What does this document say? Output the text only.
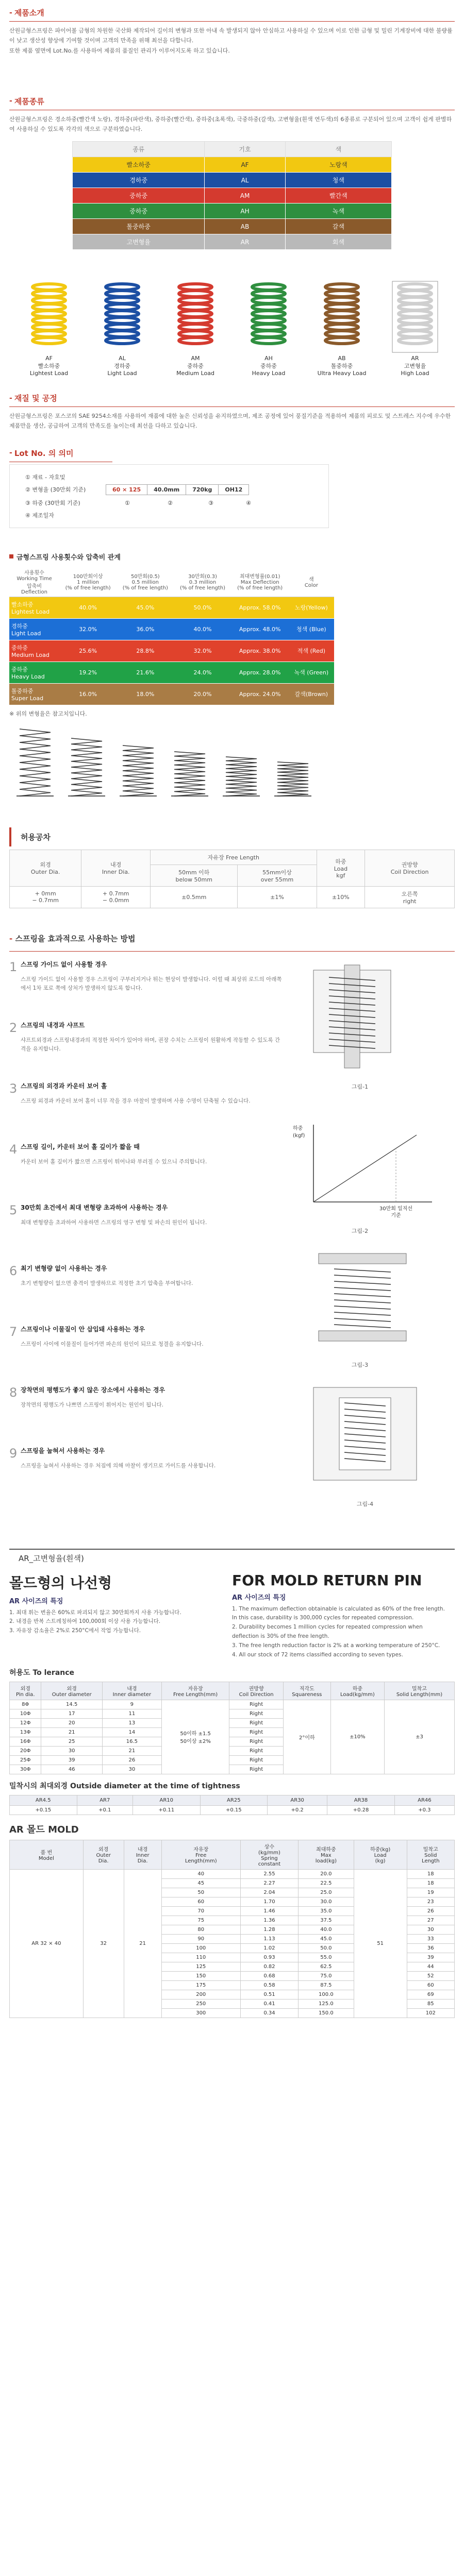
- 제품소개
산원금형스프링은 파이어볼 금형의 차원한 국산화 제작되어 길이의 변형과 또한 아내 속 발생되지 않아 안심하고 사용하실 수 있으며 이로 인한 금형 및 밀린 기계장비에 대한 불량률이 낮고 생산성 향상에 기여할 것이며 고객의 만족을 위해 최선을 다합니다.
또한 제품 옆면에 Lot.No.를 사용하여 제품의 품질인 관리가 이루어지도록 하고 있습니다.
- 제품종류
산원금형스프링은 경소하중(빨간색 노랑), 경하중(파란색), 중하중(빨간색), 중하중(초록색), 극중하중(갈색), 고변형율(흰색 연두색)의 6종류로 구분되어 있으며 고객이 쉽게 판별하여 사용하실 수 있도록 각각의 색으로 구분하였습니다.
종류	기호	색
빨소하중	AF	노랑색
경하중	AL	청색
중하중	AM	빨간색
중하중	AH	녹색
톨중하중	AB	갈색
고변형율	AR	회색
AF
빨소하중
Lightest Load
AL
경하중
Light Load
AM
중하중
Medium Load
AH
중하중
Heavy Load
AB
톨중하중
Ultra Heavy Load
AR
고변형율
High Load
- 재질 및 공정
산원금형스프링은 포스코의 SAE 9254소재를 사용하여 재품에 대한 높은 신뢰성을 유지하였으며, 제조 공정에 있어 풍질기준을 적용하여 제품의 피로도 및 스트레스 지수에 우수한 제품만을 생산, 공급하여 고객의 만족도를 높이는데 최선을 다하고 있습니다.
- Lot No. 의 의미
① 재료 - 자호및
② 변형율 (30만회 기준)	60 × 125	40.0mm	720kg	OH12
③ 하중 (30만회 기준)	①	②	③	④
④ 제조일자
금형스프링 사용횟수와 압축비 관계
사용횟수
Working Time
압축비
Deflection	100만회이상
1 million
(% of free length)	50만회(0.5)
0.5 million
(% of free length)	30만회(0.3)
0.3 million
(% of free length)	최대변형률(0.01)
Max Deflection
(% of free length)	색
Color
빨소하중
Lightest Load	40.0%	45.0%	50.0%	Approx. 58.0%	노랑(Yellow)
경하중
Light Load	32.0%	36.0%	40.0%	Approx. 48.0%	청색 (Blue)
중하중
Medium Load	25.6%	28.8%	32.0%	Approx. 38.0%	적색 (Red)
중하중
Heavy Load	19.2%	21.6%	24.0%	Approx. 28.0%	녹색 (Green)
톨중하중
Super Load	16.0%	18.0%	20.0%	Approx. 24.0%	갈색(Brown)
※ 위의 변형율은 참고치입니다.
허용공차
외경
Outer Dia.	내경
Inner Dia.	자유장 Free Length		하중
Load
kgf	권방향
Coil Direction
		50mm 이하
below 50mm	55mm이상
over 55mm		
+ 0mm
− 0.7mm	+ 0.7mm
− 0.0mm	±0.5mm	±1%	±10%	오른쪽
right
- 스프링을 효과적으로 사용하는 방법
1 스프링 가이드 없이 사용할 경우
스프링 가이드 없이 사용할 경우 스프링이 구부러지거나 튀는 현상이 발생합니다. 이럴 때 최상위 로드의 아래쪽에서 1차 포로 쪽에 상처가 발생하지 않도록 합니다.
2 스프링의 내경과 샤프트
샤프트외경과 스프링내경과의 적정한 차이가 있어야 하며, 권장 수치는 스프링이 원활하게 작동할 수 있도록 간격을 유지합니다.
3 스프링의 외경과 카운터 보어 홀
스프링 외경과 카운터 보어 홀이 너무 작을 경우 마찰이 발생하며 사용 수명이 단축될 수 있습니다.
4 스프링 길이, 카운터 보어 홀 깊이가 짧을 때
카운터 보어 홀 깊이가 짧으면 스프링이 튀어나와 부러질 수 있으니 주의합니다.
5 30만회 초건에서 최대 변형량 초과하여 사용하는 경우
최대 변형량을 초과하여 사용하면 스프링의 영구 변형 및 파손의 원인이 됩니다.
6 최기 변형량 없이 사용하는 경우
초기 변형량이 없으면 충격이 발생하므로 적정한 초기 압축을 부여합니다.
7 스프링이나 이물질이 안 삽입돼 사용하는 경우
스프링이 사이에 이물질이 들어가면 파손의 원인이 되므로 청결을 유지합니다.
8 장착면의 평행도가 좋지 않은 장소에서 사용하는 경우
장착면의 평행도가 나쁘면 스프링이 휘어지는 원인이 됩니다.
9 스프링을 눕혀서 사용하는 경우
스프링을 눕혀서 사용하는 경우 처짐에 의해 마찰이 생기므로 가이드를 사용합니다.
그림-1
하중
(kgf)
30만회 일직선
기준
그림-2
그림-3
그림-4
AR_고변형율(흰색)
몰드형의 나선형
AR 사이즈의 특징
1. 최대 휘는 변율은 60%로 파괴되지 않고 30만회까지 사용 가능합니다.
2. 내경을 반복 스트레칭하여 100,000회 이상 사용 가능합니다.
3. 자유장 감소율은 2%로 250°C에서 작업 가능합니다.
FOR MOLD RETURN PIN
AR 사이즈의 특징
1. The maximum deflection obtainable is calculated as 60% of the free length. In this case, durability is 300,000 cycles for repeated compression.
2. Durability becomes 1 million cycles for repeated compression when deflection is 30% of the free length.
3. The free length reduction factor is 2% at a working temperature of 250°C.
4. All our stock of 72 items classified according to seven types.
허용도 To lerance
외경
Pin dia.	외경
Outer diameter	내경
Inner diameter	자유장
Free Length(mm)	권방향
Coil Direction	직각도
Squareness	하중
Load(kg/mm)	밀착고
Solid Length(mm)
8Φ	14.5	9	50이하 ±1.5
50이상 ±2%	Right	2°이하	±10%	±3
10Φ	17	11		Right			
12Φ	20	13		Right			
13Φ	21	14		Right			
16Φ	25	16.5		Right			
20Φ	30	21		Right			
25Φ	39	26		Right			
30Φ	46	30		Right			
밀착시의 최대외경 Outside diameter at the time of tightness
AR4.5	AR7	AR10	AR25	AR30	AR38	AR46
+0.15	+0.1	+0.11	+0.15	+0.2	+0.28	+0.3
AR 몰드 MOLD
품 번
Model	외경
Outer
Dia.	내경
Inner
Dia.	자유장
Free
Length(mm)	상수
(kg/mm)
Spring
constant	최대하중
Max
load(kg)	하중(kg)
Load
(kg)	밀착고
Solid
Length
AR 32 × 40	32	21	40	2.55	20.0	51	18
			45	2.27	22.5		18
			50	2.04	25.0		19
			60	1.70	30.0		23
			70	1.46	35.0		26
			75	1.36	37.5		27
			80	1.28	40.0		30
			90	1.13	45.0		33
			100	1.02	50.0		36
			110	0.93	55.0		39
			125	0.82	62.5		44
			150	0.68	75.0		52
			175	0.58	87.5		60
			200	0.51	100.0		69
			250	0.41	125.0		85
			300	0.34	150.0		102
